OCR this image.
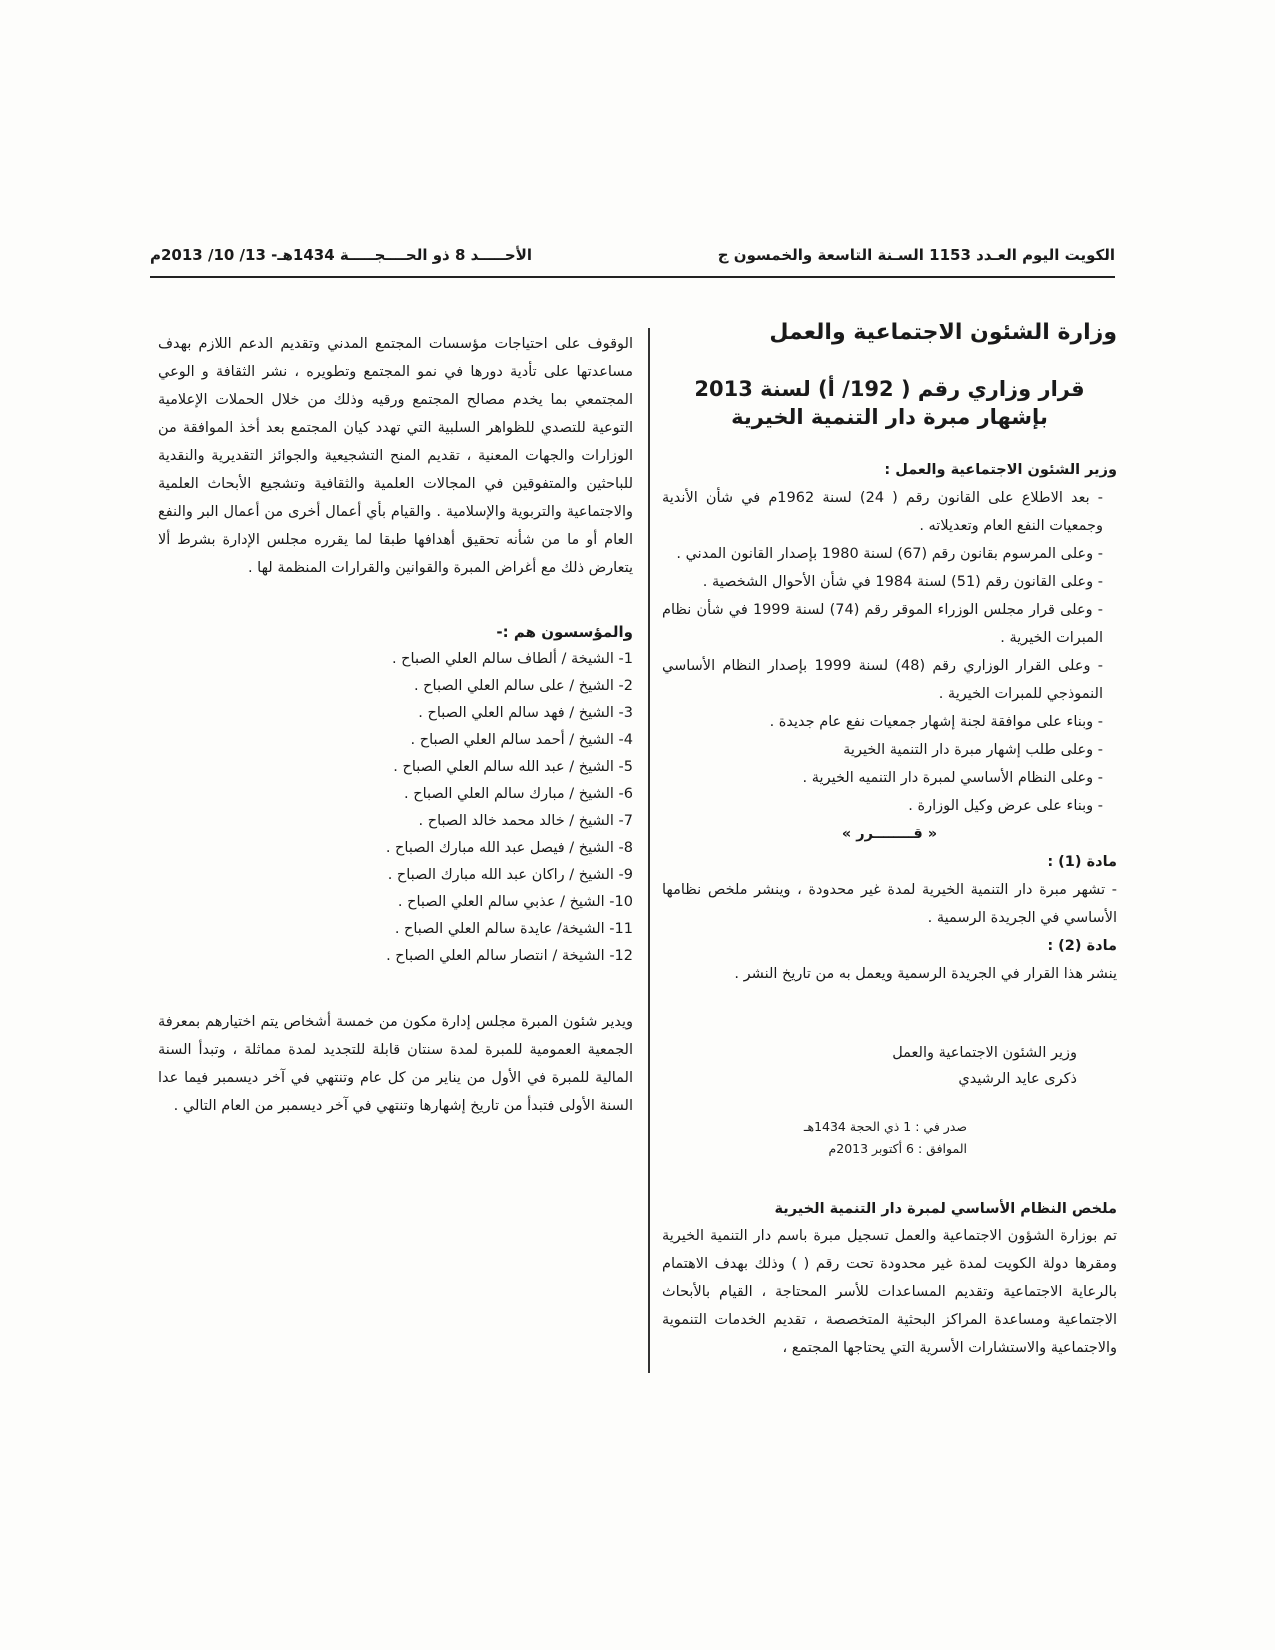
الكويت اليوم العـدد 1153 السـنة التاسعة والخمسون ج
الأحـــــد 8 ذو الحــــجـــــة 1434هـ- 13/ 10/ 2013م
وزارة الشئون الاجتماعية والعمل
قرار وزاري رقم ( 192/ أ) لسنة 2013
بإشهار مبرة دار التنمية الخيرية

وزير الشئون الاجتماعية والعمل :

- بعد الاطلاع على القانون رقم ( 24) لسنة 1962م في شأن الأندية وجمعيات النفع العام وتعديلاته .

- وعلى المرسوم بقانون رقم (67) لسنة 1980 بإصدار القانون المدني .

- وعلى القانون رقم (51) لسنة 1984 في شأن الأحوال الشخصية .

- وعلى قرار مجلس الوزراء الموقر رقم (74) لسنة 1999 في شأن نظام المبرات الخيرية .

- وعلى القرار الوزاري رقم (48) لسنة 1999 بإصدار النظام الأساسي النموذجي للمبرات الخيرية .

- وبناء على موافقة لجنة إشهار جمعيات نفع عام جديدة .

- وعلى طلب إشهار مبرة دار التنمية الخيرية

- وعلى النظام الأساسي لمبرة دار التنميه الخيرية .

- وبناء على عرض وكيل الوزارة .

« قــــــــرر »

مادة (1) :

- تشهر مبرة دار التنمية الخيرية لمدة غير محدودة ، وينشر ملخص نظامها الأساسي في الجريدة الرسمية .

مادة (2) :

ينشر هذا القرار في الجريدة الرسمية ويعمل به من تاريخ النشر .

وزير الشئون الاجتماعية والعمل
ذكرى عايد الرشيدي
صدر في : 1 ذي الحجة 1434هـ
الموافق : 6 أكتوبر 2013م
ملخص النظام الأساسي لمبرة دار التنمية الخيرية

تم بوزارة الشؤون الاجتماعية والعمل تسجيل مبرة باسم دار التنمية الخيرية ومقرها دولة الكويت لمدة غير محدودة تحت رقم ( ) وذلك بهدف الاهتمام بالرعاية الاجتماعية وتقديم المساعدات للأسر المحتاجة ، القيام بالأبحاث الاجتماعية ومساعدة المراكز البحثية المتخصصة ، تقديم الخدمات التنموية والاجتماعية والاستشارات الأسرية التي يحتاجها المجتمع ،

الوقوف على احتياجات مؤسسات المجتمع المدني وتقديم الدعم اللازم بهدف مساعدتها على تأدية دورها في نمو المجتمع وتطويره ، نشر الثقافة و الوعي المجتمعي بما يخدم مصالح المجتمع ورقيه وذلك من خلال الحملات الإعلامية التوعية للتصدي للظواهر السلبية التي تهدد كيان المجتمع بعد أخذ الموافقة من الوزارات والجهات المعنية ، تقديم المنح التشجيعية والجوائز التقديرية والنقدية للباحثين والمتفوقين في المجالات العلمية والثقافية وتشجيع الأبحاث العلمية والاجتماعية والتربوية والإسلامية . والقيام بأي أعمال أخرى من أعمال البر والنفع العام أو ما من شأنه تحقيق أهدافها طبقا لما يقرره مجلس الإدارة بشرط ألا يتعارض ذلك مع أغراض المبرة والقوانين والقرارات المنظمة لها .

والمؤسسون هم :-
1- الشيخة / ألطاف سالم العلي الصباح .
2- الشيخ / على سالم العلي الصباح .
3- الشيخ / فهد سالم العلي الصباح .
4- الشيخ / أحمد سالم العلي الصباح .
5- الشيخ / عبد الله سالم العلي الصباح .
6- الشيخ / مبارك سالم العلي الصباح .
7- الشيخ / خالد محمد خالد الصباح .
8- الشيخ / فيصل عبد الله مبارك الصباح .
9- الشيخ / راكان عبد الله مبارك الصباح .
10- الشيخ / عذبي سالم العلي الصباح .
11- الشيخة/ عايدة سالم العلي الصباح .
12- الشيخة / انتصار سالم العلي الصباح .

ويدير شئون المبرة مجلس إدارة مكون من خمسة أشخاص يتم اختيارهم بمعرفة الجمعية العمومية للمبرة لمدة سنتان قابلة للتجديد لمدة مماثلة ، وتبدأ السنة المالية للمبرة في الأول من يناير من كل عام وتنتهي في آخر ديسمبر فيما عدا السنة الأولى فتبدأ من تاريخ إشهارها وتنتهي في آخر ديسمبر من العام التالي .
